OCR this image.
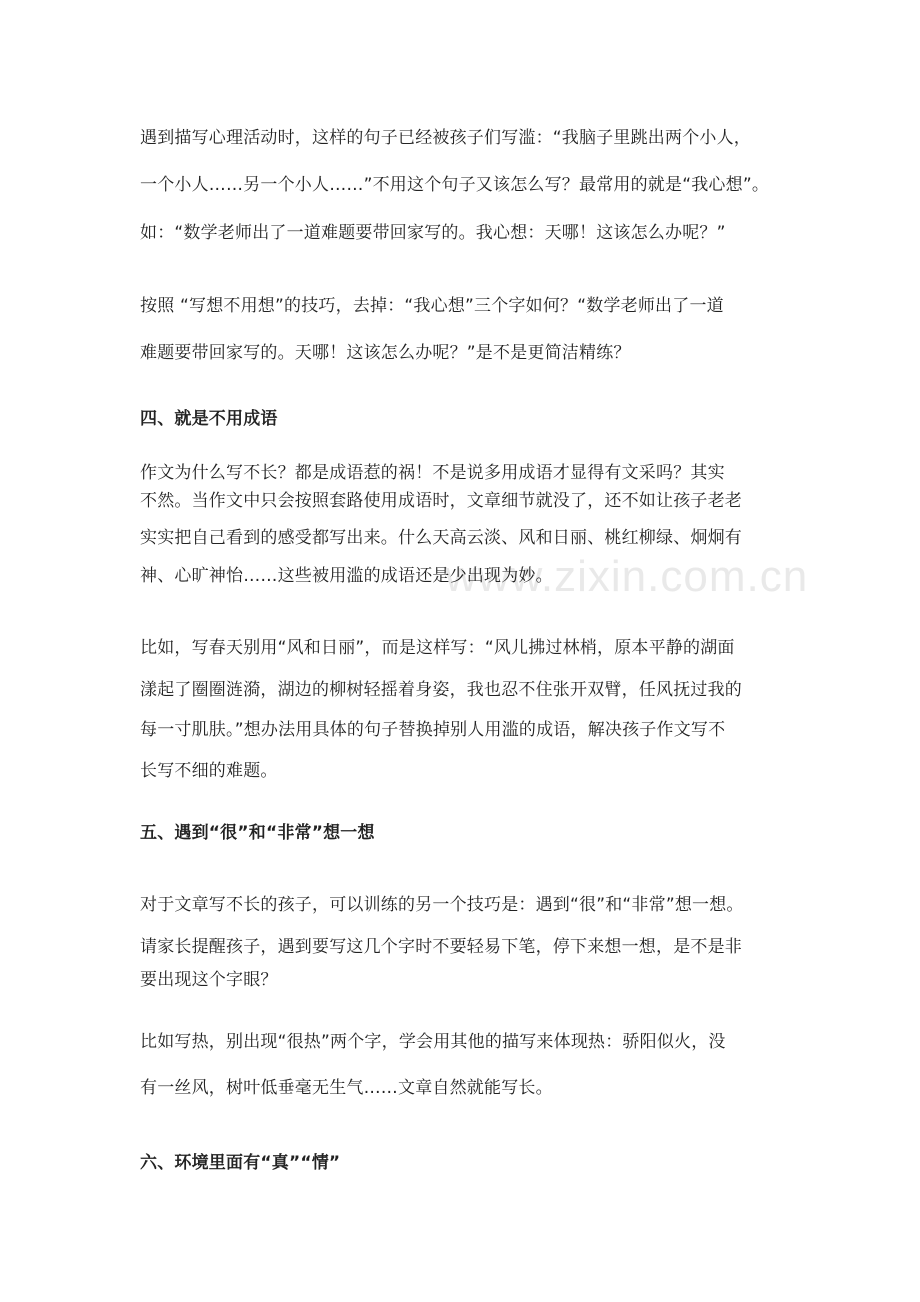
www.zixin.com.cn
遇到描写心理活动时，这样的句子已经被孩子们写滥：“我脑子里跳出两个小人，
一个小人……另一个小人……”不用这个句子又该怎么写？最常用的就是“我心想”。
如：“数学老师出了一道难题要带回家写的。我心想：天哪！这该怎么办呢？”
按照 “写想不用想”的技巧，去掉：“我心想”三个字如何？“数学老师出了一道
难题要带回家写的。天哪！这该怎么办呢？”是不是更简洁精练？
四、就是不用成语
作文为什么写不长？都是成语惹的祸！不是说多用成语才显得有文采吗？其实
不然。当作文中只会按照套路使用成语时，文章细节就没了，还不如让孩子老老
实实把自己看到的感受都写出来。什么天高云淡、风和日丽、桃红柳绿、炯炯有
神、心旷神怡……这些被用滥的成语还是少出现为妙。
比如，写春天别用“风和日丽”，而是这样写：“风儿拂过林梢，原本平静的湖面
漾起了圈圈涟漪，湖边的柳树轻摇着身姿，我也忍不住张开双臂，任风抚过我的
每一寸肌肤。”想办法用具体的句子替换掉别人用滥的成语，解决孩子作文写不
长写不细的难题。
五、遇到“很”和“非常”想一想
对于文章写不长的孩子，可以训练的另一个技巧是：遇到“很”和“非常”想一想。
请家长提醒孩子，遇到要写这几个字时不要轻易下笔，停下来想一想，是不是非
要出现这个字眼？
比如写热，别出现“很热”两个字，学会用其他的描写来体现热：骄阳似火，没
有一丝风，树叶低垂毫无生气……文章自然就能写长。
六、环境里面有“真”“情”
